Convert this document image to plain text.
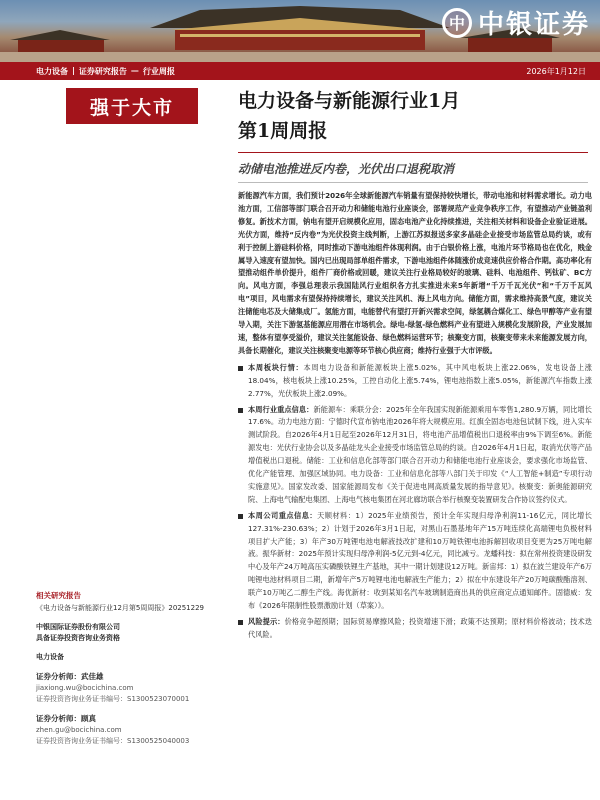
中 中银证券
电力设备 | 证券研究报告 — 行业周报	2026年1月12日
强于大市	电力设备与新能源行业1月
第1周周报
动储电池推进反内卷，光伏出口退税取消

新能源汽车方面，我们预计2026年全球新能源汽车销量有望保持较快增长，带动电池和材料需求增长。动力电池方面，工信部等部门联合召开动力和储能电池行业座谈会，部署规范产业竞争秩序工作，有望推动产业链盈利修复。新技术方面，钠电有望开启规模化应用，固态电池产业化持续推进，关注相关材料和设备企业验证进展。光伏方面，维持“反内卷”为光伏投资主线判断，上游江苏拟报送多家多晶硅企业接受市场监管总局约谈，或有利于控制上游硅料价格，同时推动下游电池组件体现利润。由于白银价格上涨，电池片环节格局也在优化，贱金属导入速度有望加快。国内已出现局部单组件需求，下游电池组件体随涨价成竞速供应价格合作期。高功率化有望推动组件单价提升，组件厂商价格或回暖，建议关注行业格局较好的玻璃、硅料、电池组件、钙钛矿、BC方向。风电方面，李强总理表示我国陆风行业组织各方扎实推进未来5年新增“千万千瓦光伏”和“千万千瓦风电”项目，风电需求有望保持持续增长，建议关注风机、海上风电方向。储能方面，需求维持高景气度，建议关注储能电芯及大储集成厂。氢能方面，电能替代有望打开新兴需求空间，绿氢耦合煤化工、绿色甲醇等产业有望导入期，关注下游氢基能源应用潜在市场机会。绿电-绿氢-绿色燃料产业有望进入规模化发展阶段，产业发展加速，整体有望享受溢价，建议关注氢能设备、绿色燃料运营环节；核聚变方面，核聚变带来未来能源发展方向，具备长期催化，建议关注核聚变电源等环节核心供应商；维持行业强于大市评级。

本周板块行情：本周电力设备和新能源板块上涨5.02%，其中风电板块上涨22.06%，发电设备上涨18.04%，核电板块上涨10.25%，工控自动化上涨5.74%，锂电池指数上涨5.05%，新能源汽车指数上涨2.77%，光伏板块上涨2.09%。
本周行业重点信息：新能源车：乘联分会：2025年全年我国实现新能源乘用车零售1,280.9万辆，同比增长17.6%。动力电池方面：宁德时代宣布钠电池2026年将大规模应用。红旗全固态电池包试制下线，进入实车测试阶段。自2026年4月1日起至2026年12月31日，将电池产品增值税出口退税率由9%下调至6%。新能源发电：光伏行业协会以及多晶硅龙头企业接受市场监管总局的约谈。自2026年4月1日起，取消光伏等产品增值税出口退税。储能：工业和信息化部等部门联合召开动力和储能电池行业座谈会，要求强化市场监管、优化产能管理、加强区域协同。电力设备：工业和信息化部等八部门关于印发《“人工智能+制造”专项行动实施意见》。国家发改委、国家能源局发布《关于促进电网高质量发展的指导意见》。核聚变：新奥能源研究院、上海电气输配电集团、上海电气核电集团在河北廊坊联合举行核聚变装置研发合作协议签约仪式。
本周公司重点信息：天顺材料：1）2025年业绩预告，预计全年实现归母净利润11-16亿元，同比增长127.31%-230.63%；2）计划于2026年3月1日起，对黑山石墨基地年产15万吨连续化高端锂电负极材料项目扩大产能；3）年产30万吨锂电池电解液技改扩建和10万吨铁锂电池拆解回收项目变更为25万吨电解液。振华新材：2025年预计实现归母净利润-5亿元到-4亿元，同比减亏。龙蟠科技：拟在常州投资建设研发中心及年产24万吨高压实磷酸铁锂生产基地，其中一期计划建设12万吨。新宙邦：1）拟在波兰建设年产6万吨锂电池材料项目二期，新增年产5万吨锂电池电解液生产能力；2）拟在中东建设年产20万吨碳酸酯溶剂、联产10万吨乙二醇生产线。海优新材：收到某知名汽车玻璃制造商出具的供应商定点通知邮件。固德威：发布《2026年限制性股票激励计划（草案）》。
风险提示：价格竞争超预期；国际贸易摩擦风险；投资增速下滑；政策不达预期；原材料价格波动；技术迭代风险。
相关研究报告
《电力设备与新能源行业12月第5周周报》20251229
中银国际证券股份有限公司
具备证券投资咨询业务资格
电力设备
证券分析师：武佳雄
jiaxiong.wu@bocichina.com
证券投资咨询业务证书编号：S1300523070001
证券分析师：顾真
zhen.gu@bocichina.com
证券投资咨询业务证书编号：S1300525040003
